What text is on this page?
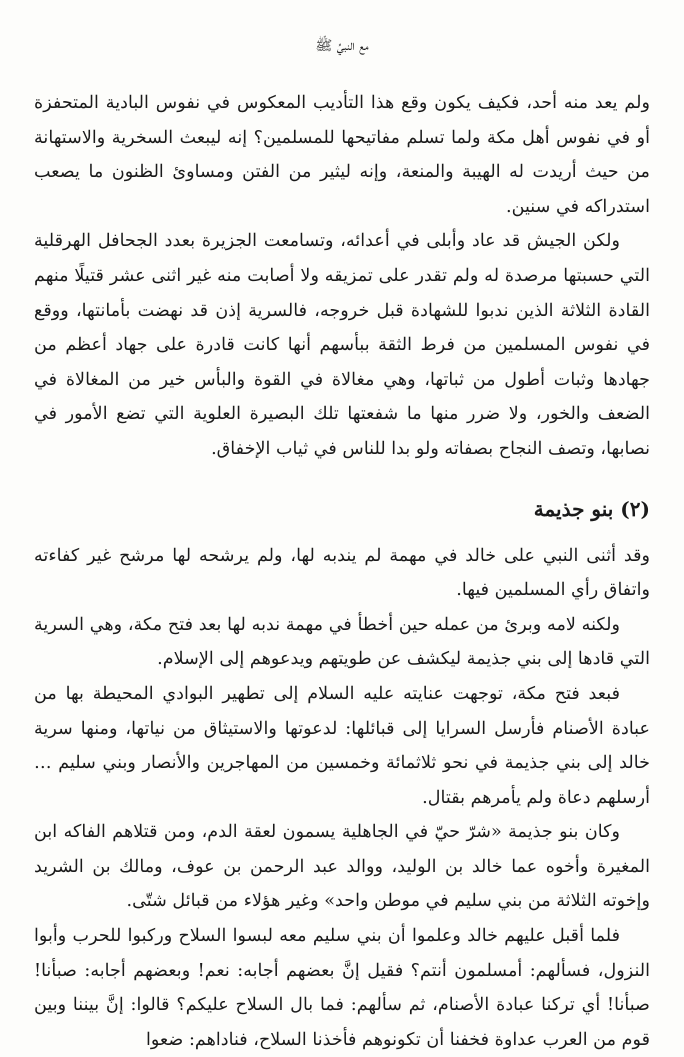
مع النبيِّ ﷺ

ولم يعد منه أحد، فكيف يكون وقع هذا التأديب المعكوس في نفوس البادية المتحفزة أو في نفوس أهل مكة ولما تسلم مفاتيحها للمسلمين؟ إنه ليبعث السخرية والاستهانة من حيث أريدت له الهيبة والمنعة، وإنه ليثير من الفتن ومساوئ الظنون ما يصعب استدراكه في سنين.

ولكن الجيش قد عاد وأبلى في أعدائه، وتسامعت الجزيرة بعدد الجحافل الهرقلية التي حسبتها مرصدة له ولم تقدر على تمزيقه ولا أصابت منه غير اثنى عشر قتيلًا منهم القادة الثلاثة الذين ندبوا للشهادة قبل خروجه، فالسرية إذن قد نهضت بأمانتها، ووقع في نفوس المسلمين من فرط الثقة ببأسهم أنها كانت قادرة على جهاد أعظم من جهادها وثبات أطول من ثباتها، وهي مغالاة في القوة والبأس خير من المغالاة في الضعف والخور، ولا ضرر منها ما شفعتها تلك البصيرة العلوية التي تضع الأمور في نصابها، وتصف النجاح بصفاته ولو بدا للناس في ثياب الإخفاق.

(٢) بنو جذيمة

وقد أثنى النبي على خالد في مهمة لم يندبه لها، ولم يرشحه لها مرشح غير كفاءته واتفاق رأي المسلمين فيها.

ولكنه لامه وبرئ من عمله حين أخطأ في مهمة ندبه لها بعد فتح مكة، وهي السرية التي قادها إلى بني جذيمة ليكشف عن طويتهم ويدعوهم إلى الإسلام.

فبعد فتح مكة، توجهت عنايته عليه السلام إلى تطهير البوادي المحيطة بها من عبادة الأصنام فأرسل السرايا إلى قبائلها: لدعوتها والاستيثاق من نياتها، ومنها سرية خالد إلى بني جذيمة في نحو ثلاثمائة وخمسين من المهاجرين والأنصار وبني سليم … أرسلهم دعاة ولم يأمرهم بقتال.

وكان بنو جذيمة «شرّ حيّ في الجاهلية يسمون لعقة الدم، ومن قتلاهم الفاكه ابن المغيرة وأخوه عما خالد بن الوليد، ووالد عبد الرحمن بن عوف، ومالك بن الشريد وإخوته الثلاثة من بني سليم في موطن واحد» وغير هؤلاء من قبائل شتّى.

فلما أقبل عليهم خالد وعلموا أن بني سليم معه لبسوا السلاح وركبوا للحرب وأبوا النزول، فسألهم: أمسلمون أنتم؟ فقيل إنَّ بعضهم أجابه: نعم! وبعضهم أجابه: صبأنا! صبأنا! أي تركنا عبادة الأصنام، ثم سألهم: فما بال السلاح عليكم؟ قالوا: إنَّ بيننا وبين قوم من العرب عداوة فخفنا أن تكونوهم فأخذنا السلاح، فناداهم: ضعوا
